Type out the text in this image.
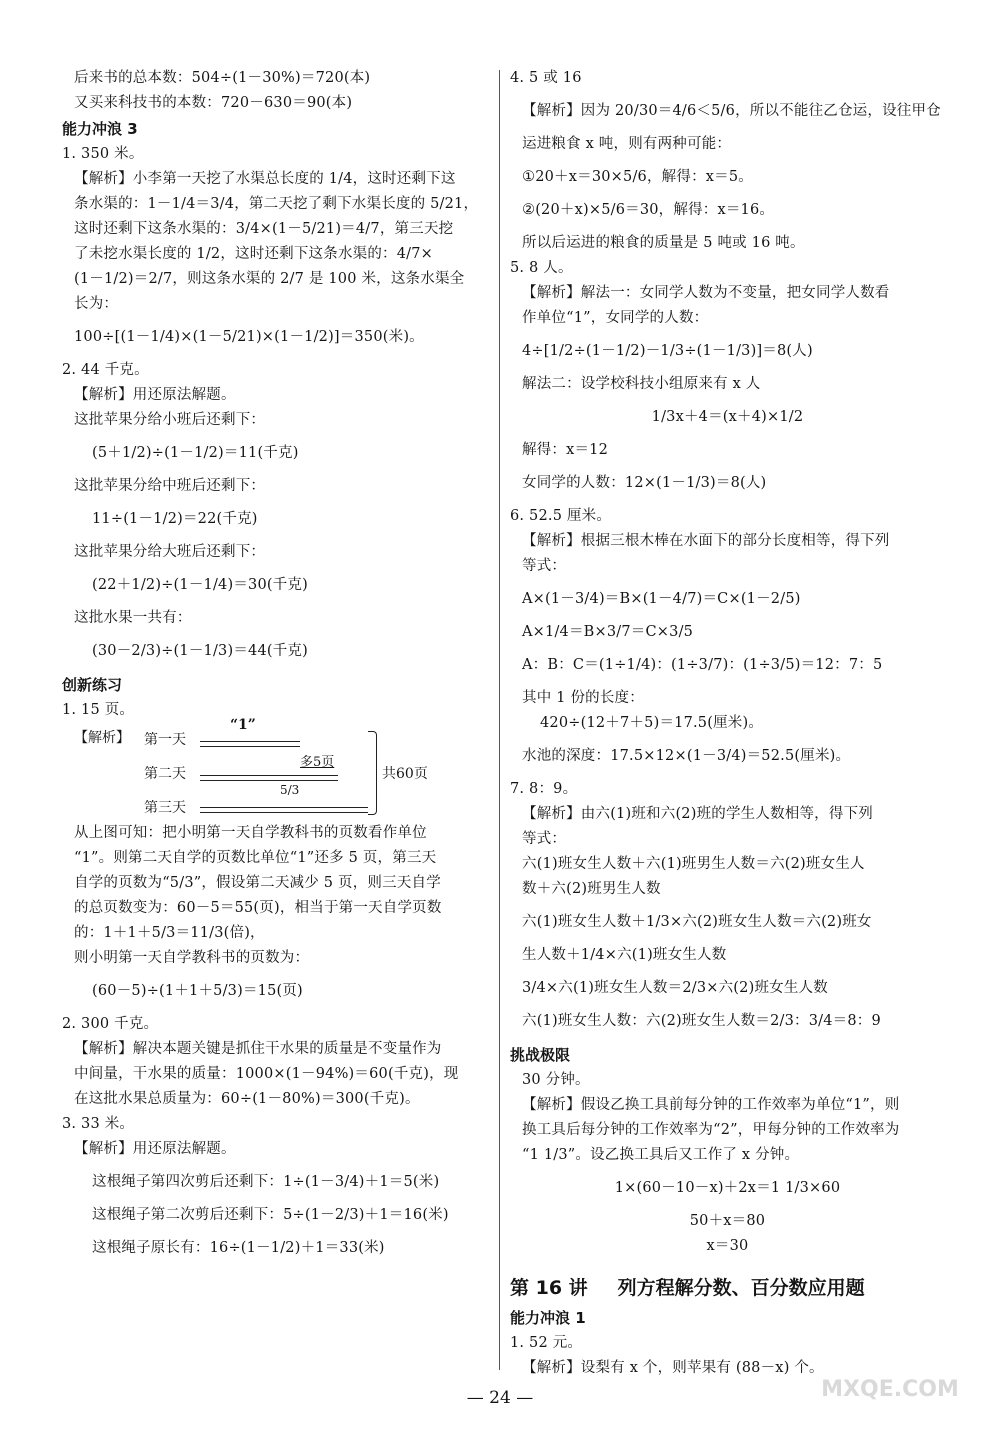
后来书的总本数：504÷(1－30%)＝720(本)
又买来科技书的本数：720－630＝90(本)
能力冲浪 3
1. 350 米。
【解析】小李第一天挖了水渠总长度的 1/4，这时还剩下这
条水渠的：1－1/4＝3/4，第二天挖了剩下水渠长度的 5/21，
这时还剩下这条水渠的：3/4×(1－5/21)＝4/7，第三天挖
了未挖水渠长度的 1/2，这时还剩下这条水渠的：4/7×
(1－1/2)＝2/7，则这条水渠的 2/7 是 100 米，这条水渠全
长为：
100÷[(1－1/4)×(1－5/21)×(1－1/2)]＝350(米)。
2. 44 千克。
【解析】用还原法解题。
这批苹果分给小班后还剩下：
(5＋1/2)÷(1－1/2)＝11(千克)
这批苹果分给中班后还剩下：
11÷(1－1/2)＝22(千克)
这批苹果分给大班后还剩下：
(22＋1/2)÷(1－1/4)＝30(千克)
这批水果一共有：
(30－2/3)÷(1－1/3)＝44(千克)
创新练习
1. 15 页。
【解析】 第一天
“1”
第二天
多5页
第三天
5/3
共60页
从上图可知：把小明第一天自学教科书的页数看作单位
“1”。则第二天自学的页数比单位“1”还多 5 页，第三天
自学的页数为“5/3”，假设第二天减少 5 页，则三天自学
的总页数变为：60－5＝55(页)，相当于第一天自学页数
的：1＋1＋5/3＝11/3(倍)，
则小明第一天自学教科书的页数为：
(60－5)÷(1＋1＋5/3)＝15(页)
2. 300 千克。
【解析】解决本题关键是抓住干水果的质量是不变量作为
中间量，干水果的质量：1000×(1－94%)＝60(千克)，现
在这批水果总质量为：60÷(1－80%)＝300(千克)。
3. 33 米。
【解析】用还原法解题。
这根绳子第四次剪后还剩下：1÷(1－3/4)＋1＝5(米)
这根绳子第二次剪后还剩下：5÷(1－2/3)＋1＝16(米)
这根绳子原长有：16÷(1－1/2)＋1＝33(米)
4. 5 或 16
【解析】因为 20/30＝4/6＜5/6，所以不能往乙仓运，设往甲仓
运进粮食 x 吨，则有两种可能：
①20＋x＝30×5/6，解得：x＝5。
②(20＋x)×5/6＝30，解得：x＝16。
所以后运进的粮食的质量是 5 吨或 16 吨。
5. 8 人。
【解析】解法一：女同学人数为不变量，把女同学人数看
作单位“1”，女同学的人数：
4÷[1/2÷(1－1/2)－1/3÷(1－1/3)]＝8(人)
解法二：设学校科技小组原来有 x 人
1/3x＋4＝(x＋4)×1/2
解得：x＝12
女同学的人数：12×(1－1/3)＝8(人)
6. 52.5 厘米。
【解析】根据三根木棒在水面下的部分长度相等，得下列
等式：
A×(1－3/4)＝B×(1－4/7)＝C×(1－2/5)
A×1/4＝B×3/7＝C×3/5
A：B：C＝(1÷1/4)：(1÷3/7)：(1÷3/5)＝12：7：5
其中 1 份的长度：
420÷(12＋7＋5)＝17.5(厘米)。
水池的深度：17.5×12×(1－3/4)＝52.5(厘米)。
7. 8：9。
【解析】由六(1)班和六(2)班的学生人数相等，得下列
等式：
六(1)班女生人数＋六(1)班男生人数＝六(2)班女生人
数＋六(2)班男生人数
六(1)班女生人数＋1/3×六(2)班女生人数＝六(2)班女
生人数＋1/4×六(1)班女生人数
3/4×六(1)班女生人数＝2/3×六(2)班女生人数
六(1)班女生人数：六(2)班女生人数＝2/3：3/4＝8：9
挑战极限
30 分钟。
【解析】假设乙换工具前每分钟的工作效率为单位“1”，则
换工具后每分钟的工作效率为“2”，甲每分钟的工作效率为
“1 1/3”。设乙换工具后又工作了 x 分钟。
1×(60－10－x)＋2x＝1 1/3×60
50＋x＝80
x＝30
第 16 讲 列方程解分数、百分数应用题
能力冲浪 1
1. 52 元。
【解析】设梨有 x 个，则苹果有 (88－x) 个。
— 24 —	MXQE.COM
